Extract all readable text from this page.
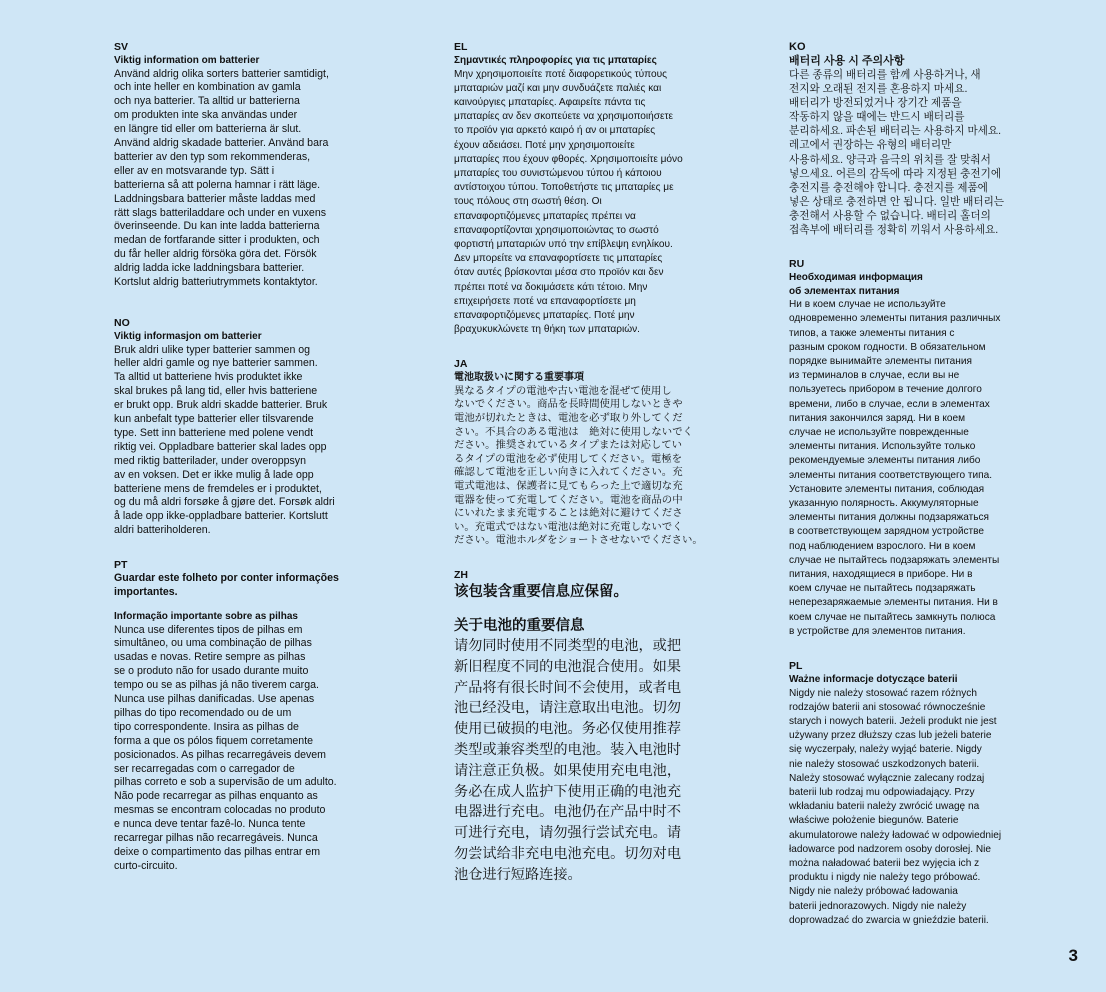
SV

Viktig information om batterier

Använd aldrig olika sorters batterier samtidigt,
och inte heller en kombination av gamla
och nya batterier. Ta alltid ur batterierna
om produkten inte ska användas under
en längre tid eller om batterierna är slut.
Använd aldrig skadade batterier. Använd bara
batterier av den typ som rekommenderas,
eller av en motsvarande typ. Sätt i
batterierna så att polerna hamnar i rätt läge.
Laddningsbara batterier måste laddas med
rätt slags batteriladdare och under en vuxens
överinseende. Du kan inte ladda batterierna
medan de fortfarande sitter i produkten, och
du får heller aldrig försöka göra det. Försök
aldrig ladda icke laddningsbara batterier.
Kortslut aldrig batteriutrymmets kontaktytor.

NO

Viktig informasjon om batterier

Bruk aldri ulike typer batterier sammen og
heller aldri gamle og nye batterier sammen.
Ta alltid ut batteriene hvis produktet ikke
skal brukes på lang tid, eller hvis batteriene
er brukt opp. Bruk aldri skadde batterier. Bruk
kun anbefalt type batterier eller tilsvarende
type. Sett inn batteriene med polene vendt
riktig vei. Oppladbare batterier skal lades opp
med riktig batterilader, under overoppsyn
av en voksen. Det er ikke mulig å lade opp
batteriene mens de fremdeles er i produktet,
og du må aldri forsøke å gjøre det. Forsøk aldri
å lade opp ikke-oppladbare batterier. Kortslutt
aldri batteriholderen.

PT

Guardar este folheto por conter informações
importantes.

Informação importante sobre as pilhas

Nunca use diferentes tipos de pilhas em
simultâneo, ou uma combinação de pilhas
usadas e novas. Retire sempre as pilhas
se o produto não for usado durante muito
tempo ou se as pilhas já não tiverem carga.
Nunca use pilhas danificadas. Use apenas
pilhas do tipo recomendado ou de um
tipo correspondente. Insira as pilhas de
forma a que os pólos fiquem corretamente
posicionados. As pilhas recarregáveis devem
ser recarregadas com o carregador de
pilhas correto e sob a supervisão de um adulto.
Não pode recarregar as pilhas enquanto as
mesmas se encontram colocadas no produto
e nunca deve tentar fazê-lo. Nunca tente
recarregar pilhas não recarregáveis. Nunca
deixe o compartimento das pilhas entrar em
curto-circuito.

EL

Σημαντικές πληροφορίες για τις μπαταρίες

Μην χρησιμοποιείτε ποτέ διαφορετικούς τύπους
μπαταριών μαζί και μην συνδυάζετε παλιές και
καινούργιες μπαταρίες. Αφαιρείτε πάντα τις
μπαταρίες αν δεν σκοπεύετε να χρησιμοποιήσετε
το προϊόν για αρκετό καιρό ή αν οι μπαταρίες
έχουν αδειάσει. Ποτέ μην χρησιμοποιείτε
μπαταρίες που έχουν φθορές. Χρησιμοποιείτε μόνο
μπαταρίες του συνιστώμενου τύπου ή κάποιου
αντίστοιχου τύπου. Τοποθετήστε τις μπαταρίες με
τους πόλους στη σωστή θέση. Οι
επαναφορτιζόμενες μπαταρίες πρέπει να
επαναφορτίζονται χρησιμοποιώντας το σωστό
φορτιστή μπαταριών υπό την επίβλεψη ενηλίκου.
Δεν μπορείτε να επαναφορτίσετε τις μπαταρίες
όταν αυτές βρίσκονται μέσα στο προϊόν και δεν
πρέπει ποτέ να δοκιμάσετε κάτι τέτοιο. Μην
επιχειρήσετε ποτέ να επαναφορτίσετε μη
επαναφορτιζόμενες μπαταρίες. Ποτέ μην
βραχυκυκλώνετε τη θήκη των μπαταριών.

JA

電池取扱いに関する重要事項

異なるタイプの電池や古い電池を混ぜて使用し
ないでください。商品を長時間使用しないときや
電池が切れたときは、電池を必ず取り外してくだ
さい。不具合のある電池は　絶対に使用しないでく
ださい。推奨されているタイプまたは対応してい
るタイプの電池を必ず使用してください。電極を
確認して電池を正しい向きに入れてください。充
電式電池は、保護者に見てもらった上で適切な充
電器を使って充電してください。電池を商品の中
にいれたまま充電することは絶対に避けてくださ
い。充電式ではない電池は絶対に充電しないでく
ださい。電池ホルダをショートさせないでください。

ZH

该包装含重要信息应保留。

关于电池的重要信息

请勿同时使用不同类型的电池，或把
新旧程度不同的电池混合使用。如果
产品将有很长时间不会使用，或者电
池已经没电，请注意取出电池。切勿
使用已破损的电池。务必仅使用推荐
类型或兼容类型的电池。装入电池时
请注意正负极。如果使用充电电池，
务必在成人监护下使用正确的电池充
电器进行充电。电池仍在产品中时不
可进行充电，请勿强行尝试充电。请
勿尝试给非充电电池充电。切勿对电
池仓进行短路连接。

KO

배터리 사용 시 주의사항

다른 종류의 배터리를 함께 사용하거나, 새
전지와 오래된 전지를 혼용하지 마세요.
배터리가 방전되었거나 장기간 제품을
작동하지 않을 때에는 반드시 배터리를
분리하세요. 파손된 배터리는 사용하지 마세요.
레고에서 권장하는 유형의 배터리만
사용하세요. 양극과 음극의 위치를 잘 맞춰서
넣으세요. 어른의 감독에 따라 지정된 충전기에
충전지를 충전해야 합니다. 충전지를 제품에
넣은 상태로 충전하면 안 됩니다. 일반 배터리는
충전해서 사용할 수 없습니다. 배터리 홀더의
접촉부에 배터리를 정확히 끼워서 사용하세요.

RU

Необходимая информация
об элементах питания

Ни в коем случае не используйте
одновременно элементы питания различных
типов, а также элементы питания с
разным сроком годности. В обязательном
порядке вынимайте элементы питания
из терминалов в случае, если вы не
пользуетесь прибором в течение долгого
времени, либо в случае, если в элементах
питания закончился заряд. Ни в коем
случае не используйте поврежденные
элементы питания. Используйте только
рекомендуемые элементы питания либо
элементы питания соответствующего типа.
Установите элементы питания, соблюдая
указанную полярность. Аккумуляторные
элементы питания должны подзаряжаться
в соответствующем зарядном устройстве
под наблюдением взрослого. Ни в коем
случае не пытайтесь подзаряжать элементы
питания, находящиеся в приборе. Ни в
коем случае не пытайтесь подзаряжать
неперезаряжаемые элементы питания. Ни в
коем случае не пытайтесь замкнуть полюса
в устройстве для элементов питания.

PL

Ważne informacje dotyczące baterii

Nigdy nie należy stosować razem różnych
rodzajów baterii ani stosować równocześnie
starych i nowych baterii. Jeżeli produkt nie jest
używany przez dłuższy czas lub jeżeli baterie
się wyczerpały, należy wyjąć baterie. Nigdy
nie należy stosować uszkodzonych baterii.
Należy stosować wyłącznie zalecany rodzaj
baterii lub rodzaj mu odpowiadający. Przy
wkładaniu baterii należy zwrócić uwagę na
właściwe położenie biegunów. Baterie
akumulatorowe należy ładować w odpowiedniej
ładowarce pod nadzorem osoby dorosłej. Nie
można naładować baterii bez wyjęcia ich z
produktu i nigdy nie należy tego próbować.
Nigdy nie należy próbować ładowania
baterii jednorazowych. Nigdy nie należy
doprowadzać do zwarcia w gnieździe baterii.

3
